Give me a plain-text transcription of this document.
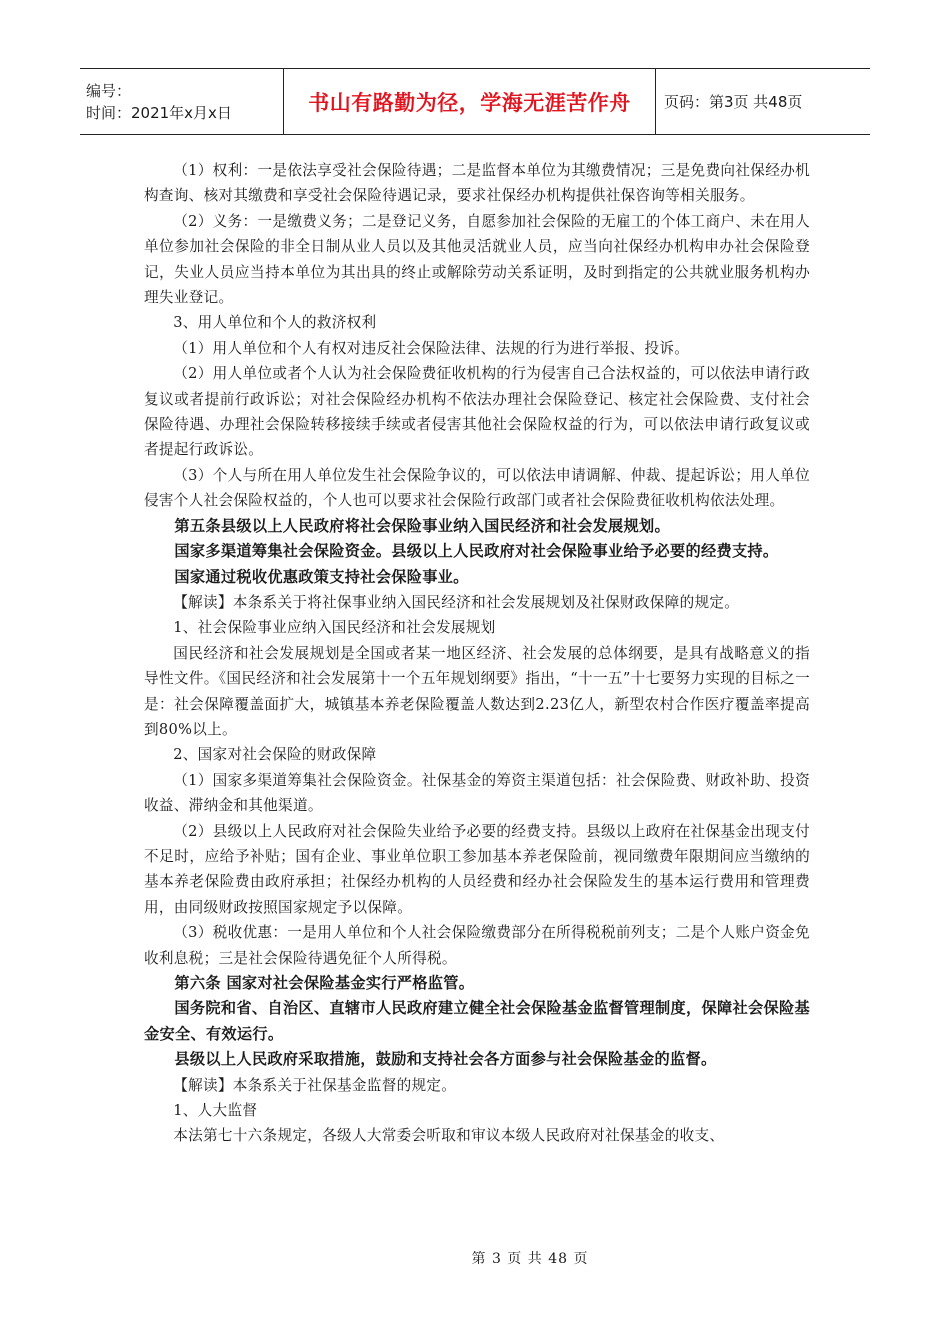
编号：
时间：2021年x月x日	书山有路勤为径，学海无涯苦作舟	页码：第3页 共48页

（1）权利：一是依法享受社会保险待遇；二是监督本单位为其缴费情况；三是免费向社保经办机构查询、核对其缴费和享受社会保险待遇记录，要求社保经办机构提供社保咨询等相关服务。

（2）义务：一是缴费义务；二是登记义务，自愿参加社会保险的无雇工的个体工商户、未在用人单位参加社会保险的非全日制从业人员以及其他灵活就业人员，应当向社保经办机构申办社会保险登记，失业人员应当持本单位为其出具的终止或解除劳动关系证明，及时到指定的公共就业服务机构办理失业登记。

3、用人单位和个人的救济权利

（1）用人单位和个人有权对违反社会保险法律、法规的行为进行举报、投诉。

（2）用人单位或者个人认为社会保险费征收机构的行为侵害自己合法权益的，可以依法申请行政复议或者提前行政诉讼；对社会保险经办机构不依法办理社会保险登记、核定社会保险费、支付社会保险待遇、办理社会保险转移接续手续或者侵害其他社会保险权益的行为，可以依法申请行政复议或者提起行政诉讼。

（3）个人与所在用人单位发生社会保险争议的，可以依法申请调解、仲裁、提起诉讼；用人单位侵害个人社会保险权益的，个人也可以要求社会保险行政部门或者社会保险费征收机构依法处理。

第五条县级以上人民政府将社会保险事业纳入国民经济和社会发展规划。

国家多渠道筹集社会保险资金。县级以上人民政府对社会保险事业给予必要的经费支持。

国家通过税收优惠政策支持社会保险事业。

【解读】本条系关于将社保事业纳入国民经济和社会发展规划及社保财政保障的规定。

1、社会保险事业应纳入国民经济和社会发展规划

国民经济和社会发展规划是全国或者某一地区经济、社会发展的总体纲要，是具有战略意义的指导性文件。《国民经济和社会发展第十一个五年规划纲要》指出，“十一五”十七要努力实现的目标之一是：社会保障覆盖面扩大，城镇基本养老保险覆盖人数达到2.23亿人，新型农村合作医疗覆盖率提高到80%以上。

2、国家对社会保险的财政保障

（1）国家多渠道筹集社会保险资金。社保基金的筹资主渠道包括：社会保险费、财政补助、投资收益、滞纳金和其他渠道。

（2）县级以上人民政府对社会保险失业给予必要的经费支持。县级以上政府在社保基金出现支付不足时，应给予补贴；国有企业、事业单位职工参加基本养老保险前，视同缴费年限期间应当缴纳的基本养老保险费由政府承担；社保经办机构的人员经费和经办社会保险发生的基本运行费用和管理费用，由同级财政按照国家规定予以保障。

（3）税收优惠：一是用人单位和个人社会保险缴费部分在所得税税前列支；二是个人账户资金免收利息税；三是社会保险待遇免征个人所得税。

第六条 国家对社会保险基金实行严格监管。

国务院和省、自治区、直辖市人民政府建立健全社会保险基金监督管理制度，保障社会保险基金安全、有效运行。

县级以上人民政府采取措施，鼓励和支持社会各方面参与社会保险基金的监督。

【解读】本条系关于社保基金监督的规定。

1、人大监督

本法第七十六条规定，各级人大常委会听取和审议本级人民政府对社保基金的收支、

第 3 页 共 48 页
